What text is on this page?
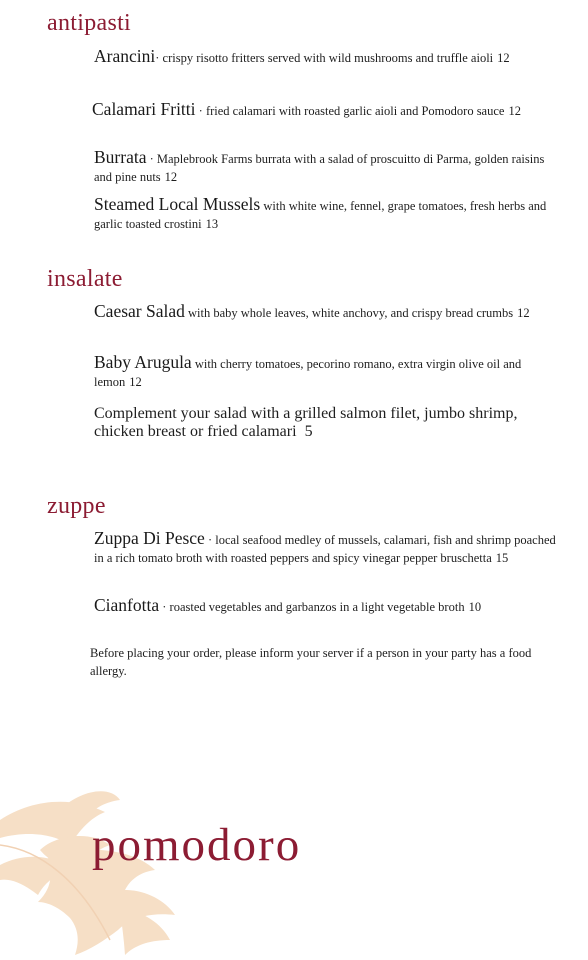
antipasti

Arancini· crispy risotto fritters served with wild mushrooms and truffle aioli 12

Calamari Fritti · fried calamari with roasted garlic aioli and Pomodoro sauce 12

Burrata · Maplebrook Farms burrata with a salad of proscuitto di Parma, golden raisins and pine nuts 12

Steamed Local Mussels with white wine, fennel, grape tomatoes, fresh herbs and garlic toasted crostini 13

insalate

Caesar Salad with baby whole leaves, white anchovy, and crispy bread crumbs 12

Baby Arugula with cherry tomatoes, pecorino romano, extra virgin olive oil and lemon 12

Complement your salad with a grilled salmon filet, jumbo shrimp, chicken breast or fried calamari 5

zuppe

Zuppa Di Pesce · local seafood medley of mussels, calamari, fish and shrimp poached in a rich tomato broth with roasted peppers and spicy vinegar pepper bruschetta 15

Cianfotta · roasted vegetables and garbanzos in a light vegetable broth 10

Before placing your order, please inform your server if a person in your party has a food allergy.

pomodoro
